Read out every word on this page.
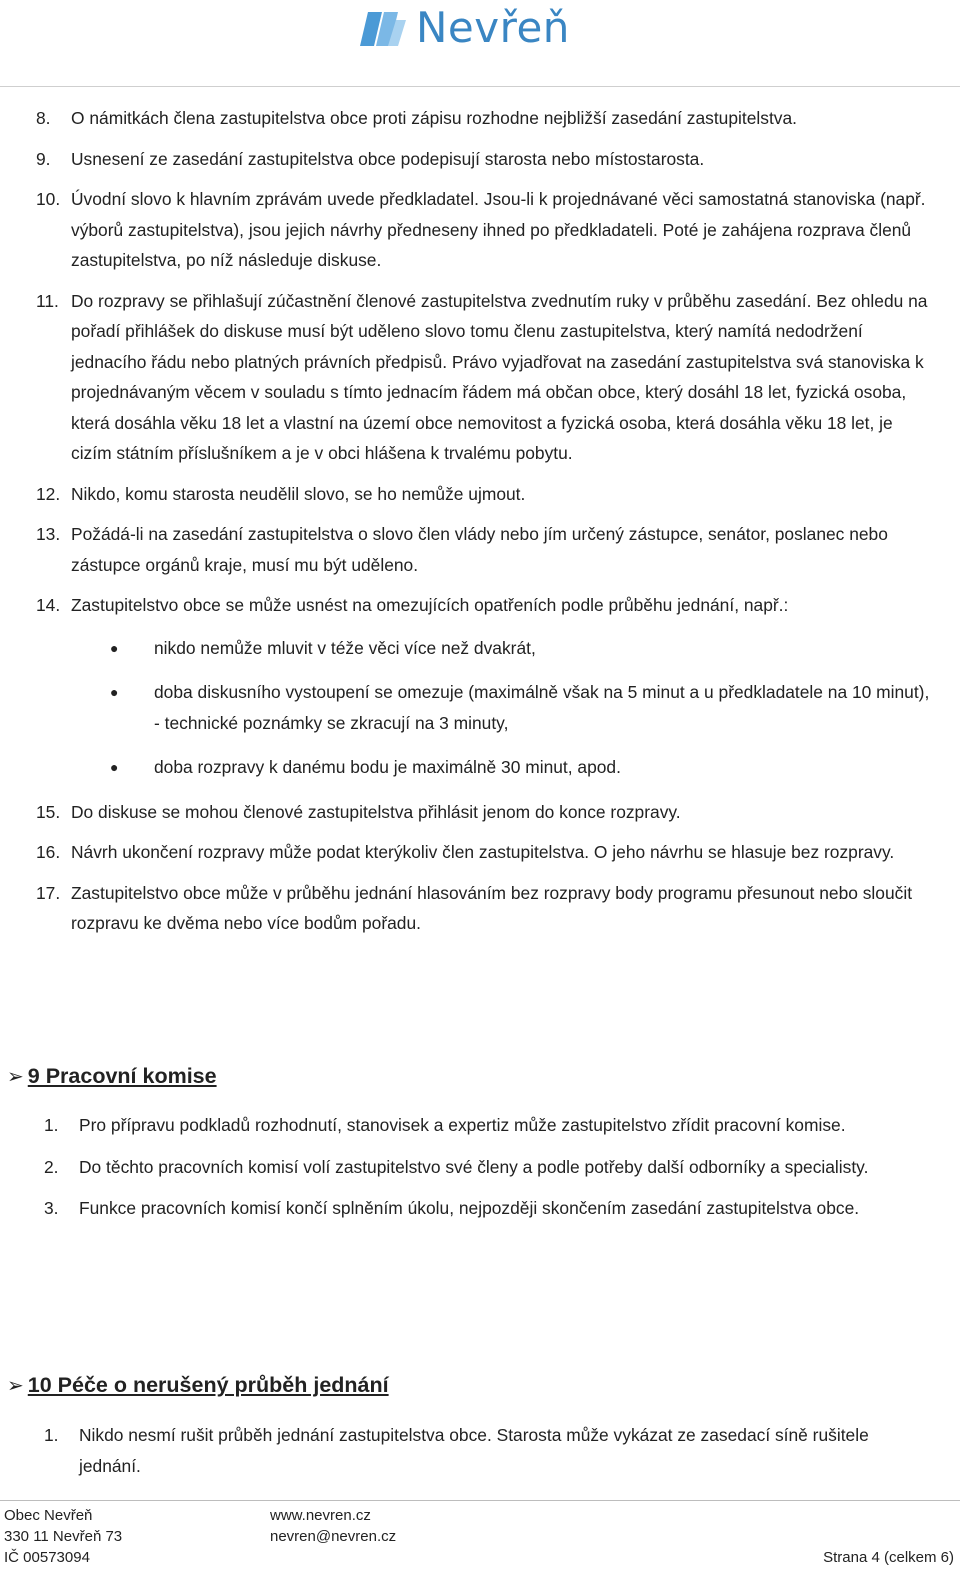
Nevřeň
8.	O námitkách člena zastupitelstva obce proti zápisu rozhodne nejbližší zasedání zastupitelstva.
9.	Usnesení ze zasedání zastupitelstva obce podepisují starosta nebo místostarosta.
10. Úvodní slovo k hlavním zprávám uvede předkladatel. Jsou-li k projednávané věci samostatná stanoviska (např. výborů zastupitelstva), jsou jejich návrhy předneseny ihned po předkladateli. Poté je zahájena rozprava členů zastupitelstva, po níž následuje diskuse.
11. Do rozpravy se přihlašují zúčastnění členové zastupitelstva zvednutím ruky v průběhu zasedání. Bez ohledu na pořadí přihlášek do diskuse musí být uděleno slovo tomu členu zastupitelstva, který namítá nedodržení jednacího řádu nebo platných právních předpisů. Právo vyjadřovat na zasedání zastupitelstva svá stanoviska k projednávaným věcem v souladu s tímto jednacím řádem má občan obce, který dosáhl 18 let, fyzická osoba, která dosáhla věku 18 let a vlastní na území obce nemovitost a fyzická osoba, která dosáhla věku 18 let, je cizím státním příslušníkem a je v obci hlášena k trvalému pobytu.
12. Nikdo, komu starosta neudělil slovo, se ho nemůže ujmout.
13. Požádá-li na zasedání zastupitelstva o slovo člen vlády nebo jím určený zástupce, senátor, poslanec nebo zástupce orgánů kraje, musí mu být uděleno.
14. Zastupitelstvo obce se může usnést na omezujících opatřeních podle průběhu jednání, např.:
●	nikdo nemůže mluvit v téže věci více než dvakrát,
●	doba diskusního vystoupení se omezuje (maximálně však na 5 minut a u předkladatele na 10 minut), - technické poznámky se zkracují na 3 minuty,
●	doba rozpravy k danému bodu je maximálně 30 minut, apod.
15. Do diskuse se mohou členové zastupitelstva přihlásit jenom do konce rozpravy.
16. Návrh ukončení rozpravy může podat kterýkoliv člen zastupitelstva. O jeho návrhu se hlasuje bez rozpravy.
17. Zastupitelstvo obce může v průběhu jednání hlasováním bez rozpravy body programu přesunout nebo sloučit rozpravu ke dvěma nebo více bodům pořadu.
➢ 9 Pracovní komise
1.	Pro přípravu podkladů rozhodnutí, stanovisek a expertiz může zastupitelstvo zřídit pracovní komise.
2.	Do těchto pracovních komisí volí zastupitelstvo své členy a podle potřeby další odborníky a specialisty.
3.	Funkce pracovních komisí končí splněním úkolu, nejpozději skončením zasedání zastupitelstva obce.
➢ 10 Péče o nerušený průběh jednání
1.	Nikdo nesmí rušit průběh jednání zastupitelstva obce. Starosta může vykázat ze zasedací síně rušitele jednání.
Obec Nevřeň
330 11 Nevřeň 73
IČ 00573094
www.nevren.cz
nevren@nevren.cz
Strana 4 (celkem 6)
